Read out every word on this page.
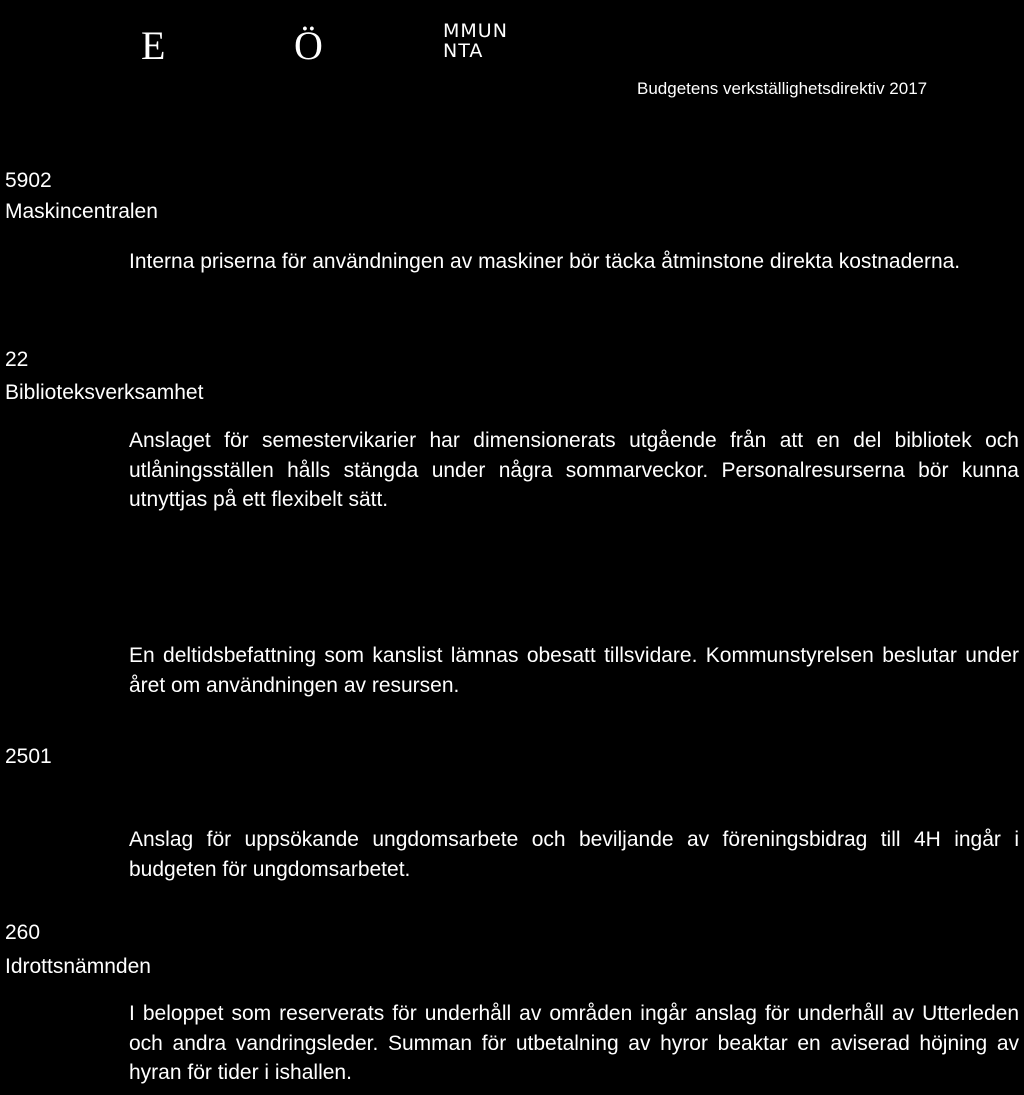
E	Ö	MMUN
NTA
Budgetens verkställighetsdirektiv 2017
5902
Maskincentralen

Interna priserna för användningen av maskiner bör täcka åtminstone direkta kostnaderna.

22
Biblioteksverksamhet

Anslaget för semestervikarier har dimensionerats utgående från att en del bibliotek och utlåningsställen hålls stängda under några sommarveckor. Personalresurserna bör kunna utnyttjas på ett flexibelt sätt.

En deltidsbefattning som kanslist lämnas obesatt tillsvidare. Kommunstyrelsen beslutar under året om användningen av resursen.

2501

Anslag för uppsökande ungdomsarbete och beviljande av föreningsbidrag till 4H ingår i budgeten för ungdomsarbetet.

260
Idrottsnämnden

I beloppet som reserverats för underhåll av områden ingår anslag för underhåll av Utterleden och andra vandringsleder. Summan för utbetalning av hyror beaktar en aviserad höjning av hyran för tider i ishallen.
